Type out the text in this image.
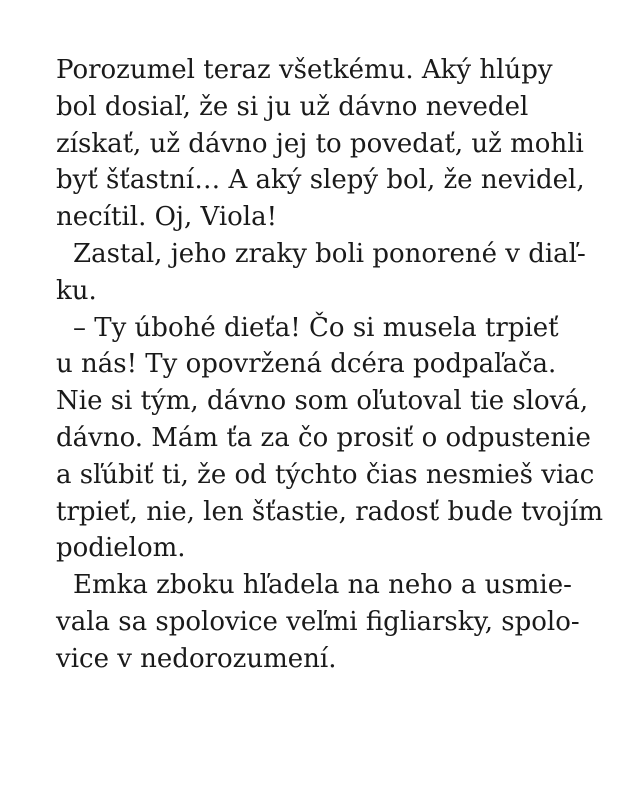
Porozumel teraz všetkému. Aký hlúpy
bol dosiaľ, že si ju už dávno nevedel
získať, už dávno jej to povedať, už mohli
byť šťastní… A aký slepý bol, že nevidel,
necítil. Oj, Viola!
Zastal, jeho zraky boli ponorené v diaľ-
ku.
– Ty úbohé dieťa! Čo si musela trpieť
u nás! Ty opovržená dcéra podpaľača.
Nie si tým, dávno som oľutoval tie slová,
dávno. Mám ťa za čo prosiť o odpustenie
a sľúbiť ti, že od týchto čias nesmieš viac
trpieť, nie, len šťastie, radosť bude tvojím
podielom.
Emka zboku hľadela na neho a usmie-
vala sa spolovice veľmi figliarsky, spolo-
vice v nedorozumení.
